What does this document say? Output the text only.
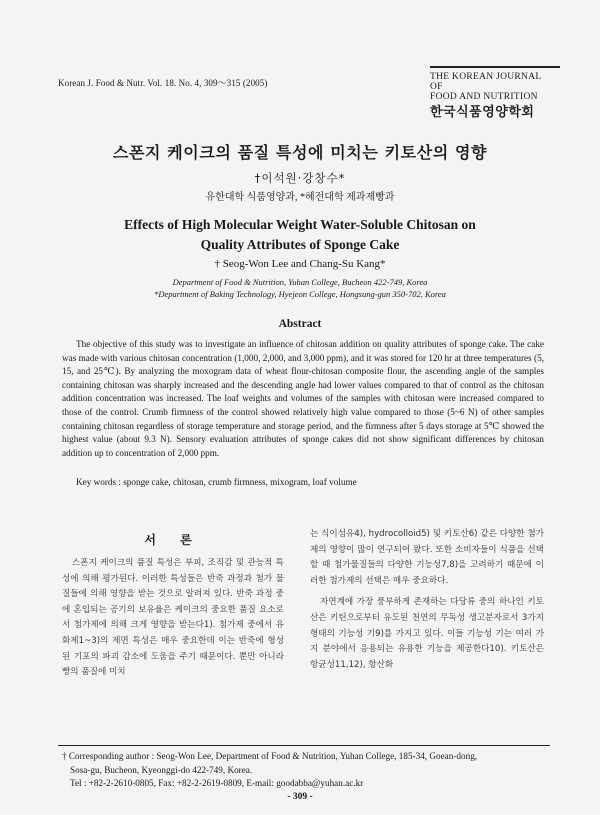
Korean J. Food & Nutr. Vol. 18. No. 4, 309～315 (2005)
THE KOREAN JOURNAL OF
FOOD AND NUTRITION
한국식품영양학회
스폰지 케이크의 품질 특성에 미치는 키토산의 영향
†이석원·강창수*
유한대학 식품영양과, *혜전대학 제과제빵과
Effects of High Molecular Weight Water-Soluble Chitosan on
Quality Attributes of Sponge Cake
† Seog-Won Lee and Chang-Su Kang*
Department of Food & Nutrition, Yuhan College, Bucheon 422-749, Korea
*Department of Baking Technology, Hyejeon College, Hongsung-gun 350-702, Korea
Abstract
The objective of this study was to investigate an influence of chitosan addition on quality attributes of sponge cake. The cake was made with various chitosan concentration (1,000, 2,000, and 3,000 ppm), and it was stored for 120 hr at three temperatures (5, 15, and 25℃). By analyzing the moxogram data of wheat flour-chitosan composite flour, the ascending angle of the samples containing chitosan was sharply increased and the descending angle had lower values compared to that of control as the chitosan addition concentration was increased. The loaf weights and volumes of the samples with chitosan were increased compared to those of the control. Crumb firmness of the control showed relatively high value compared to those (5~6 N) of other samples containing chitosan regardless of storage temperature and storage period, and the firmness after 5 days storage at 5℃ showed the highest value (about 9.3 N). Sensory evaluation attributes of sponge cakes did not show significant differences by chitosan addition up to concentration of 2,000 ppm.
Key words : sponge cake, chitosan, crumb firmness, mixogram, loaf volume
서 론
스폰지 케이크의 품질 특성은 부피, 조직감 및 관능적 특성에 의해 평가된다. 이러한 특성들은 반죽 과정과 첨가 물질들에 의해 영향을 받는 것으로 알려져 있다. 반죽 과정 중에 혼입되는 공기의 보유율은 케이크의 중요한 품질 요소로서 첨가제에 의해 크게 영향을 받는다1). 첨가제 중에서 유화제1~3)의 제면 특성은 매우 중요한데 이는 반죽에 형성된 기포의 파괴 감소에 도움을 주기 때문이다. 뿐만 아니라 빵의 품질에 미치

는 식이섬유4), hydrocolloid5) 및 키토산6) 같은 다양한 첨가제의 영향이 많이 연구되어 왔다. 또한 소비자들이 식품을 선택할 때 첨가물질들의 다양한 기능성7,8)을 고려하기 때문에 이러한 첨가제의 선택은 매우 중요하다.

자연계에 가장 풍부하게 존재하는 다당류 중의 하나인 키토산은 키틴으로부터 유도된 천연의 무독성 생고분자로서 3가지 형태의 기능성 기9)를 가지고 있다. 이들 기능성 기는 여러 가지 분야에서 응용되는 유용한 기능을 제공한다10). 키토산은 항균성11,12), 항산화

† Corresponding author : Seog-Won Lee, Department of Food & Nutrition, Yuhan College, 185-34, Goean-dong,
Sosa-gu, Bucheon, Kyeonggi-do 422-749, Korea.
Tel : +82-2-2610-0805, Fax: +82-2-2619-0809, E-mail: goodabba@yuhan.ac.kr
- 309 -
